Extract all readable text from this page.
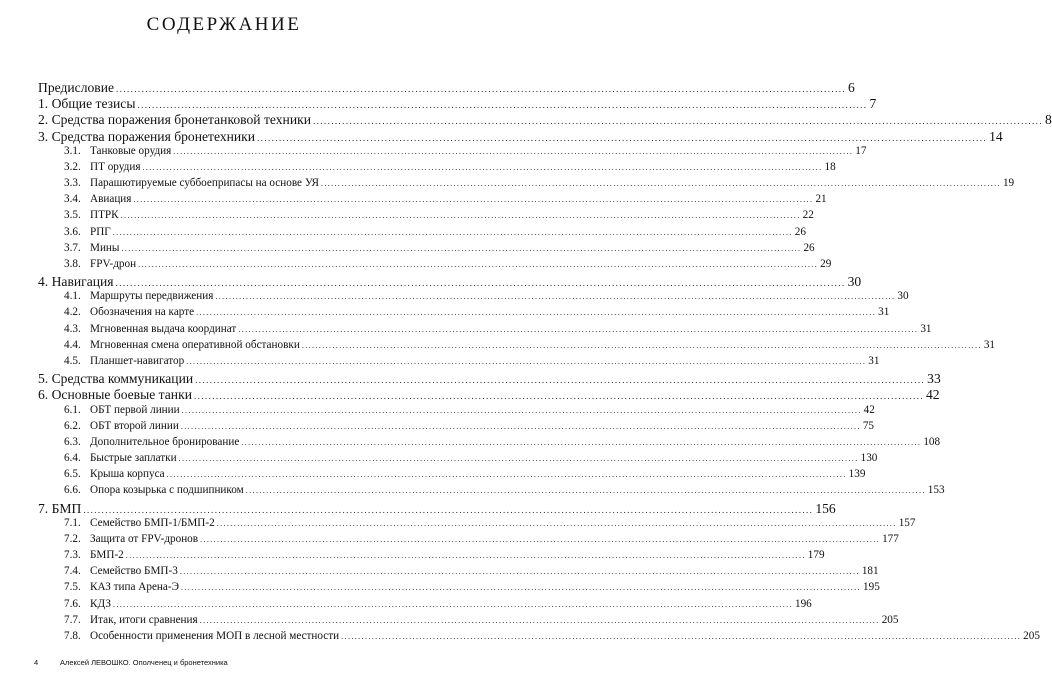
СОДЕРЖАНИЕ
Предисловие ........................................................................................................................................................................................................ 6
1. Общие тезисы ........................................................................................................................................................................................................ 7
2. Средства поражения бронетанковой техники ........................................................................................................................................................................................................ 8
3. Средства поражения бронетехники ........................................................................................................................................................................................................ 14
3.1. Танковые орудия ........................................................................................................................................................................................................ 17
3.2. ПТ орудия ........................................................................................................................................................................................................ 18
3.3. Парашютируемые суббоеприпасы на основе УЯ ........................................................................................................................................................................................................ 19
3.4. Авиация ........................................................................................................................................................................................................ 21
3.5. ПТРК ........................................................................................................................................................................................................ 22
3.6. РПГ ........................................................................................................................................................................................................ 26
3.7. Мины ........................................................................................................................................................................................................ 26
3.8. FPV-дрон ........................................................................................................................................................................................................ 29
4. Навигация ........................................................................................................................................................................................................ 30
4.1. Маршруты передвижения ........................................................................................................................................................................................................ 30
4.2. Обозначения на карте ........................................................................................................................................................................................................ 31
4.3. Мгновенная выдача координат ........................................................................................................................................................................................................ 31
4.4. Мгновенная смена оперативной обстановки ........................................................................................................................................................................................................ 31
4.5. Планшет-навигатор ........................................................................................................................................................................................................ 31
5. Средства коммуникации ........................................................................................................................................................................................................ 33
6. Основные боевые танки ........................................................................................................................................................................................................ 42
6.1. ОБТ первой линии ........................................................................................................................................................................................................ 42
6.2. ОБТ второй линии ........................................................................................................................................................................................................ 75
6.3. Дополнительное бронирование ........................................................................................................................................................................................................ 108
6.4. Быстрые заплатки ........................................................................................................................................................................................................ 130
6.5. Крыша корпуса ........................................................................................................................................................................................................ 139
6.6. Опора козырька с подшипником ........................................................................................................................................................................................................ 153
7. БМП ........................................................................................................................................................................................................ 156
7.1. Семейство БМП-1/БМП-2 ........................................................................................................................................................................................................ 157
7.2. Защита от FPV-дронов ........................................................................................................................................................................................................ 177
7.3. БМП-2 ........................................................................................................................................................................................................ 179
7.4. Семейство БМП-3 ........................................................................................................................................................................................................ 181
7.5. КАЗ типа Арена-Э ........................................................................................................................................................................................................ 195
7.6. КДЗ ........................................................................................................................................................................................................ 196
7.7. Итак, итоги сравнения ........................................................................................................................................................................................................ 205
7.8. Особенности применения МОП в лесной местности ........................................................................................................................................................................................................ 205
4	Алексей ЛЕВОШКО. Ополченец и бронетехника
